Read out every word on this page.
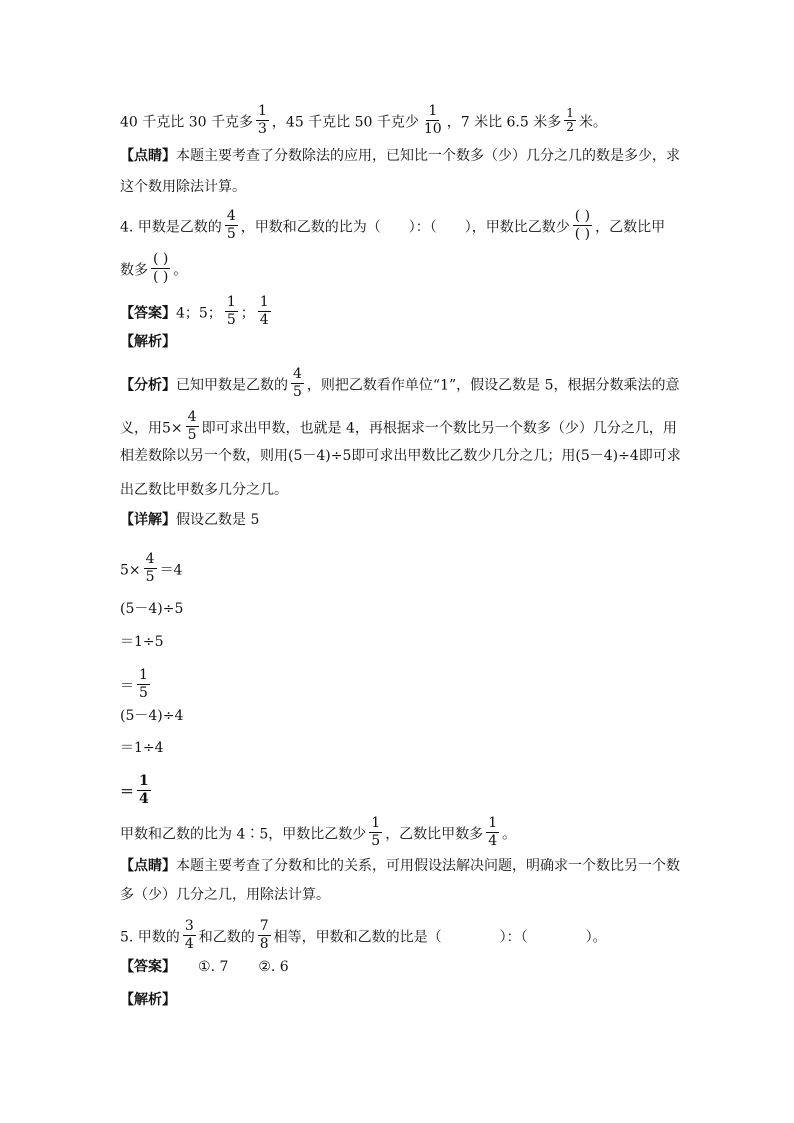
40 千克比 30 千克多 $\frac{1}{3}$ ，45 千克比 50 千克少 $\frac{1}{10}$ ，7 米比 6.5 米多 $\frac{1}{2}$ 米。
【点睛】本题主要考查了分数除法的应用，已知比一个数多（少）几分之几的数是多少，求
这个数用除法计算。
4. 甲数是乙数的 $\frac{4}{5}$ ，甲数和乙数的比为（ ）：（ ），甲数比乙数少 $\frac{( )}{( )}$ ，乙数比甲
数多 $\frac{( )}{( )}$ 。
【答案】4；5； $\frac{1}{5}$ ； $\frac{1}{4}$
【解析】
【分析】已知甲数是乙数的 $\frac{4}{5}$ ，则把乙数看作单位“1”，假设乙数是 5，根据分数乘法的意
义，用$5\times \frac{4}{5}$ 即可求出甲数，也就是 4，再根据求一个数比另一个数多（少）几分之几，用
相差数除以另一个数，则用(5－4)÷5即可求出甲数比乙数少几分之几；用(5－4)÷4即可求
出乙数比甲数多几分之几。
【详解】假设乙数是 5
$5\times \frac{4}{5} =4$
(5－4)÷5
＝1÷5
＝ $\frac{1}{5}$
(5－4)÷4
＝1÷4
＝ $\frac{1}{4}$
甲数和乙数的比为 4∶5，甲数比乙数少 $\frac{1}{5}$ ，乙数比甲数多 $\frac{1}{4}$ 。
【点睛】本题主要考查了分数和比的关系，可用假设法解决问题，明确求一个数比另一个数
多（少）几分之几，用除法计算。
5. 甲数的 $\frac{3}{4}$ 和乙数的 $\frac{7}{8}$ 相等，甲数和乙数的比是（	）：（	）。
【答案】 ①. 7 ②. 6
【解析】
